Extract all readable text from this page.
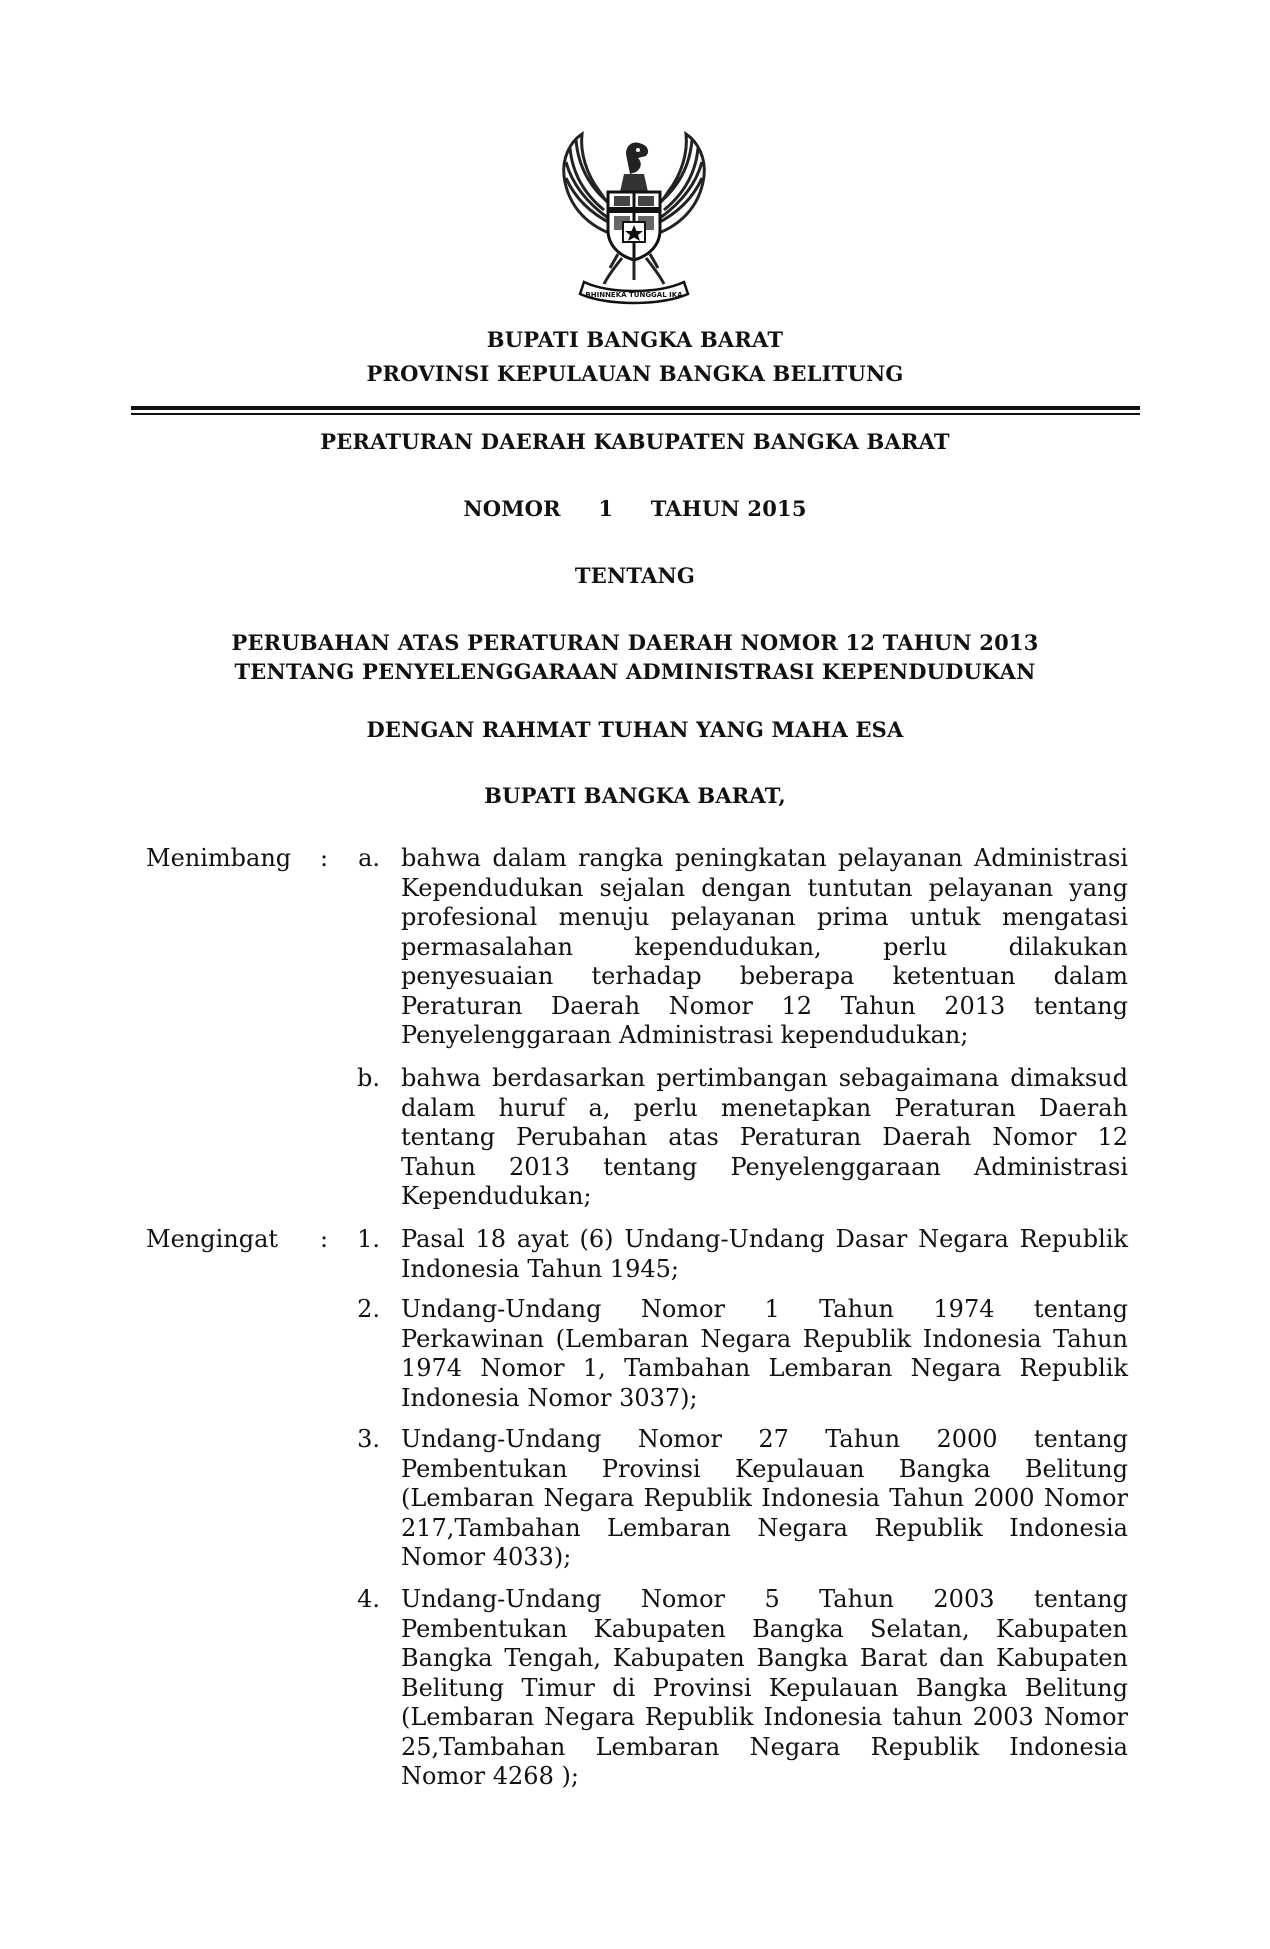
BHINNEKA TUNGGAL IKA
BUPATI BANGKA BARAT
PROVINSI KEPULAUAN BANGKA BELITUNG
PERATURAN DAERAH KABUPATEN BANGKA BARAT
NOMOR     1     TAHUN 2015
TENTANG
PERUBAHAN ATAS PERATURAN DAERAH NOMOR 12 TAHUN 2013
TENTANG PENYELENGGARAAN ADMINISTRASI KEPENDUDUKAN
DENGAN RAHMAT TUHAN YANG MAHA ESA
BUPATI BANGKA BARAT,
Menimbang :	a. bahwa dalam rangka peningkatan pelayanan Administrasi
Kependudukan sejalan dengan tuntutan pelayanan yang
profesional menuju pelayanan prima untuk mengatasi
permasalahan kependudukan, perlu dilakukan
penyesuaian terhadap beberapa ketentuan dalam
Peraturan Daerah Nomor 12 Tahun 2013 tentang
Penyelenggaraan Administrasi kependudukan;
b. bahwa berdasarkan pertimbangan sebagaimana dimaksud
dalam huruf a, perlu menetapkan Peraturan Daerah
tentang Perubahan atas Peraturan Daerah Nomor 12
Tahun 2013 tentang Penyelenggaraan Administrasi
Kependudukan;
Mengingat :	1. Pasal 18 ayat (6) Undang-Undang Dasar Negara Republik
Indonesia Tahun 1945;
2. Undang-Undang Nomor 1 Tahun 1974 tentang
Perkawinan (Lembaran Negara Republik Indonesia Tahun
1974 Nomor 1, Tambahan Lembaran Negara Republik
Indonesia Nomor 3037);
3. Undang-Undang Nomor 27 Tahun 2000 tentang
Pembentukan Provinsi Kepulauan Bangka Belitung
(Lembaran Negara Republik Indonesia Tahun 2000 Nomor
217,Tambahan Lembaran Negara Republik Indonesia
Nomor 4033);
4. Undang-Undang Nomor 5 Tahun 2003 tentang
Pembentukan Kabupaten Bangka Selatan, Kabupaten
Bangka Tengah, Kabupaten Bangka Barat dan Kabupaten
Belitung Timur di Provinsi Kepulauan Bangka Belitung
(Lembaran Negara Republik Indonesia tahun 2003 Nomor
25,Tambahan Lembaran Negara Republik Indonesia
Nomor 4268 );
